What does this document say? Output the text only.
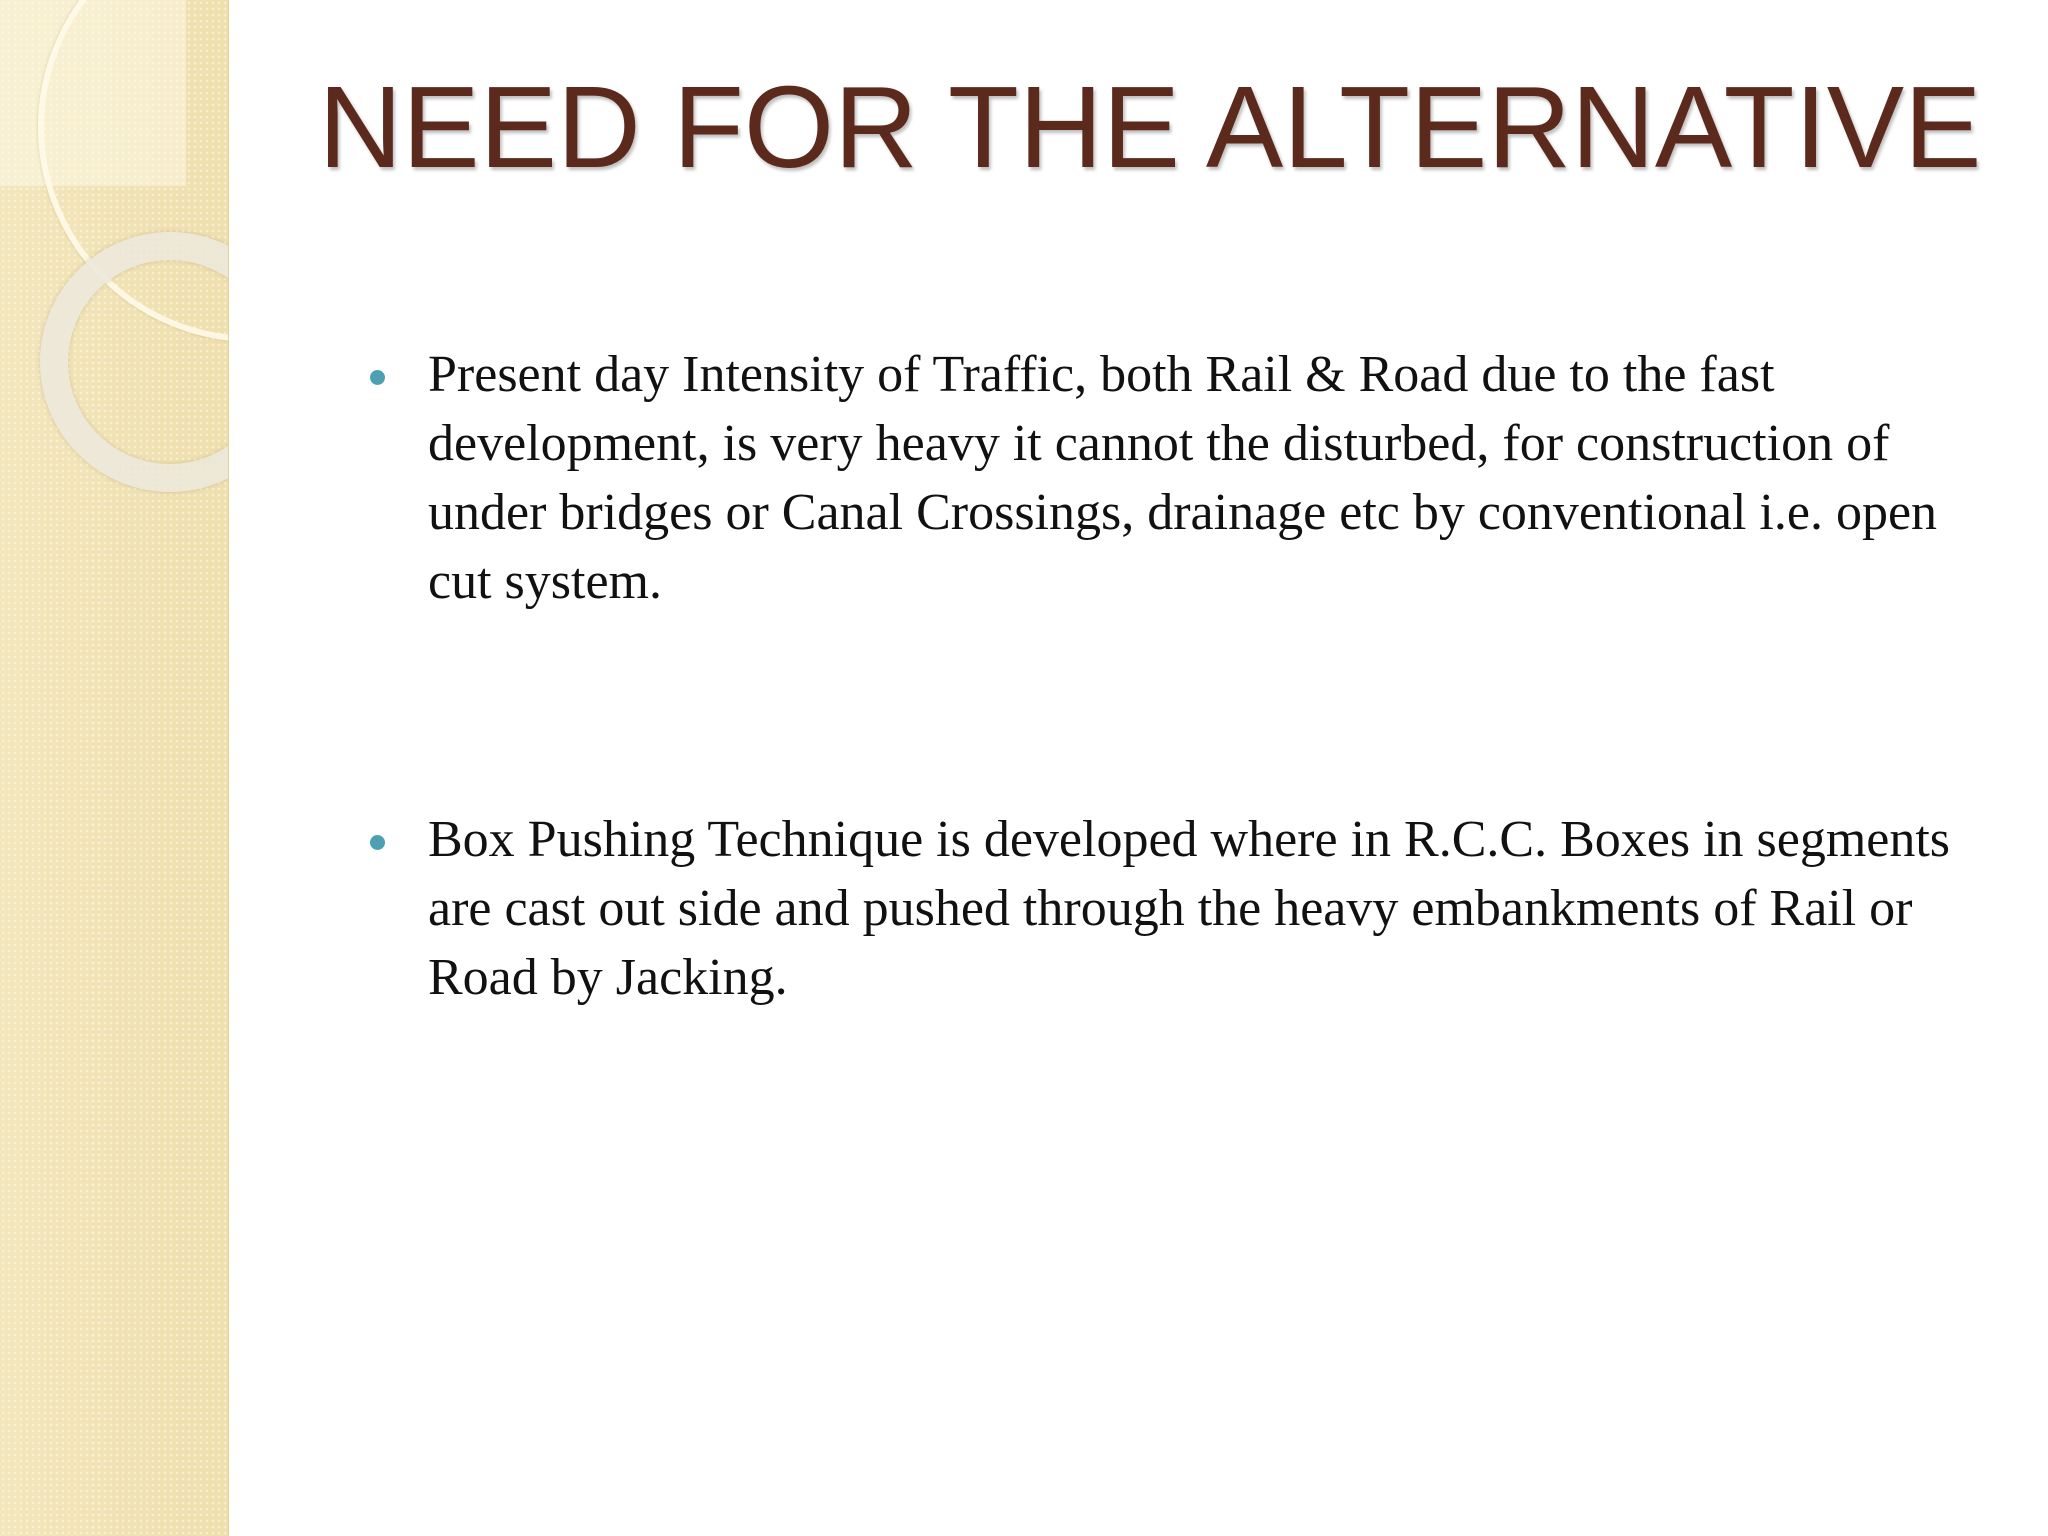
NEED FOR THE ALTERNATIVE
Present day Intensity of Traffic, both Rail & Road due to the fast development, is very heavy it cannot the disturbed, for construction of under bridges or Canal Crossings, drainage etc by conventional i.e. open cut system.
Box Pushing Technique is developed where in R.C.C. Boxes in segments are cast out side and pushed through the heavy embankments of Rail or Road by Jacking.
